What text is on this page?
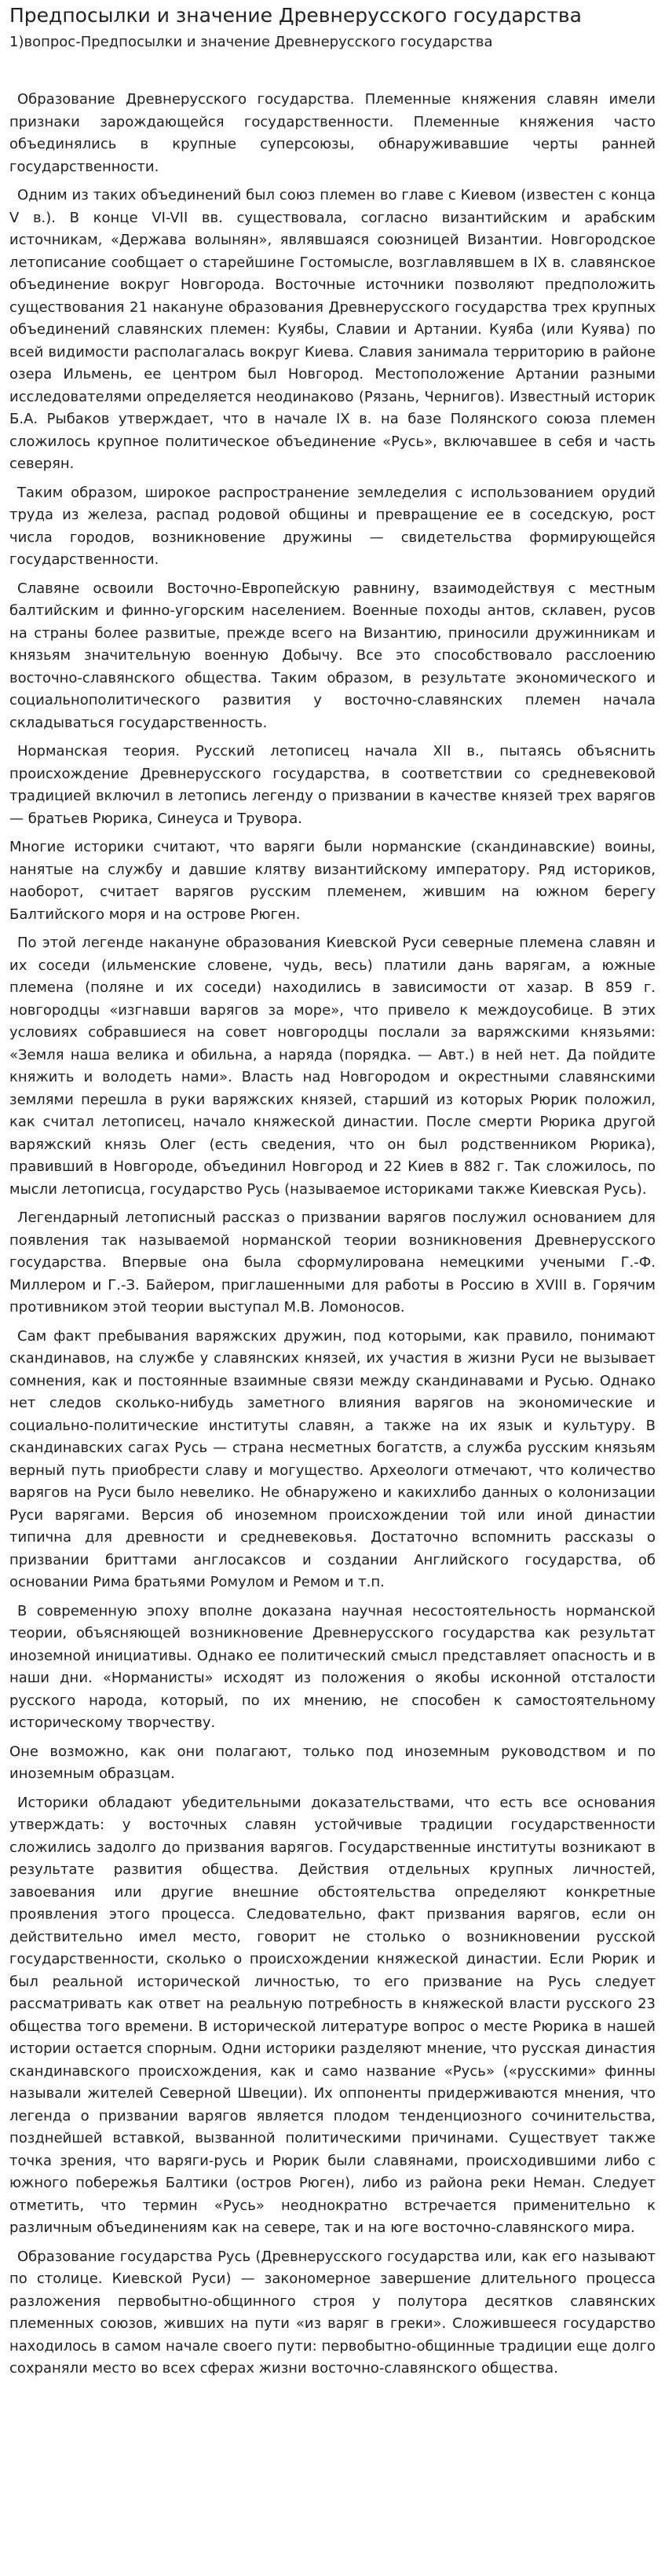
Предпосылки и значение Древнерусского государства
1)вопрос-Предпосылки и значение Древнерусского государства

Образование Древнерусского государства. Племенные княжения славян имели признаки зарождающейся государственности. Племенные княжения часто объединялись в крупные суперсоюзы, обнаруживавшие черты ранней государственности.

Одним из таких объединений был союз племен во главе с Киевом (известен с конца V в.). В конце VI-VII вв. существовала, согласно византийским и арабским источникам, «Держава волынян», являвшаяся союзницей Византии. Новгородское летописание сообщает о старейшине Гостомысле, возглавлявшем в IX в. славянское объединение вокруг Новгорода. Восточные источники позволяют предположить существования 21 накануне образования Древнерусского государства трех крупных объединений славянских племен: Куябы, Славии и Артании. Куяба (или Куява) по всей видимости располагалась вокруг Киева. Славия занимала территорию в районе озера Ильмень, ее центром был Новгород. Местоположение Артании разными исследователями определяется неодинаково (Рязань, Чернигов). Известный историк Б.А. Рыбаков утверждает, что в начале IX в. на базе Полянского союза племен сложилось крупное политическое объединение «Русь», включавшее в себя и часть северян.

Таким образом, широкое распространение земледелия с использованием орудий труда из железа, распад родовой общины и превращение ее в соседскую, рост числа городов, возникновение дружины — свидетельства формирующейся государственности.

Славяне освоили Восточно-Европейскую равнину, взаимодействуя с местным балтийским и финно-угорским населением. Военные походы антов, склавен, русов на страны более развитые, прежде всего на Византию, приносили дружинникам и князьям значительную военную Добычу. Все это способствовало расслоению восточно-славянского общества. Таким образом, в результате экономического и социальнополитического развития у восточно-славянских племен начала складываться государственность.

Норманская теория. Русский летописец начала XII в., пытаясь объяснить происхождение Древнерусского государства, в соответствии со средневековой традицией включил в летопись легенду о призвании в качестве князей трех варягов — братьев Рюрика, Синеуса и Трувора.

Многие историки считают, что варяги были норманские (скандинавские) воины, нанятые на службу и давшие клятву византийскому императору. Ряд историков, наоборот, считает варягов русским племенем, жившим на южном берегу Балтийского моря и на острове Рюген.

По этой легенде накануне образования Киевской Руси северные племена славян и их соседи (ильменские словене, чудь, весь) платили дань варягам, а южные племена (поляне и их соседи) находились в зависимости от хазар. В 859 г. новгородцы «изгнавши варягов за море», что привело к междоусобице. В этих условиях собравшиеся на совет новгородцы послали за варяжскими князьями: «Земля наша велика и обильна, а наряда (порядка. — Авт.) в ней нет. Да пойдите княжить и володеть нами». Власть над Новгородом и окрестными славянскими землями перешла в руки варяжских князей, старший из которых Рюрик положил, как считал летописец, начало княжеской династии. После смерти Рюрика другой варяжский князь Олег (есть сведения, что он был родственником Рюрика), правивший в Новгороде, объединил Новгород и 22 Киев в 882 г. Так сложилось, по мысли летописца, государство Русь (называемое историками также Киевская Русь).

Легендарный летописный рассказ о призвании варягов послужил основанием для появления так называемой норманской теории возникновения Древнерусского государства. Впервые она была сформулирована немецкими учеными Г.-Ф. Миллером и Г.-З. Байером, приглашенными для работы в Россию в XVIII в. Горячим противником этой теории выступал М.В. Ломоносов.

Сам факт пребывания варяжских дружин, под которыми, как правило, понимают скандинавов, на службе у славянских князей, их участия в жизни Руси не вызывает сомнения, как и постоянные взаимные связи между скандинавами и Русью. Однако нет следов сколько-нибудь заметного влияния варягов на экономические и социально-политические институты славян, а также на их язык и культуру. В скандинавских сагах Русь — страна несметных богатств, а служба русским князьям верный путь приобрести славу и могущество. Археологи отмечают, что количество варягов на Руси было невелико. Не обнаружено и какихлибо данных о колонизации Руси варягами. Версия об иноземном происхождении той или иной династии типична для древности и средневековья. Достаточно вспомнить рассказы о призвании бриттами англосаксов и создании Английского государства, об основании Рима братьями Ромулом и Ремом и т.п.

В современную эпоху вполне доказана научная несостоятельность норманской теории, объясняющей возникновение Древнерусского государства как результат иноземной инициативы. Однако ее политический смысл представляет опасность и в наши дни. «Норманисты» исходят из положения о якобы исконной отсталости русского народа, который, по их мнению, не способен к самостоятельному историческому творчеству.

Оне возможно, как они полагают, только под иноземным руководством и по иноземным образцам.

Историки обладают убедительными доказательствами, что есть все основания утверждать: у восточных славян устойчивые традиции государственности сложились задолго до призвания варягов. Государственные институты возникают в результате развития общества. Действия отдельных крупных личностей, завоевания или другие внешние обстоятельства определяют конкретные проявления этого процесса. Следовательно, факт призвания варягов, если он действительно имел место, говорит не столько о возникновении русской государственности, сколько о происхождении княжеской династии. Если Рюрик и был реальной исторической личностью, то его призвание на Русь следует рассматривать как ответ на реальную потребность в княжеской власти русского 23 общества того времени. В исторической литературе вопрос о месте Рюрика в нашей истории остается спорным. Одни историки разделяют мнение, что русская династия скандинавского происхождения, как и само название «Русь» («русскими» финны называли жителей Северной Швеции). Их оппоненты придерживаются мнения, что легенда о призвании варягов является плодом тенденциозного сочинительства, позднейшей вставкой, вызванной политическими причинами. Существует также точка зрения, что варяги-русь и Рюрик были славянами, происходившими либо с южного побережья Балтики (остров Рюген), либо из района реки Неман. Следует отметить, что термин «Русь» неоднократно встречается применительно к различным объединениям как на севере, так и на юге восточно-славянского мира.

Образование государства Русь (Древнерусского государства или, как его называют по столице. Киевской Руси) — закономерное завершение длительного процесса разложения первобытно-общинного строя у полутора десятков славянских племенных союзов, живших на пути «из варяг в греки». Сложившееся государство находилось в самом начале своего пути: первобытно-общинные традиции еще долго сохраняли место во всех сферах жизни восточно-славянского общества.
